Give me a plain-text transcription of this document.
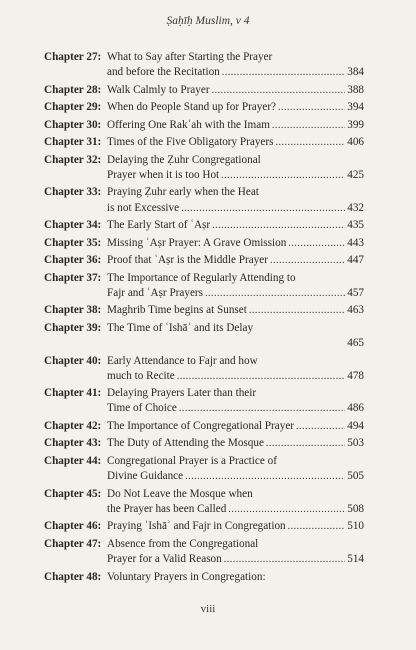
Ṣaḥīḥ Muslim, v 4
Chapter 27: What to Say after Starting the Prayer
and before the Recitation .....	384
Chapter 28: Walk Calmly to Prayer .....	388
Chapter 29: When do People Stand up for Prayer? .....	394
Chapter 30: Offering One Rakʿah with the Imam .....	399
Chapter 31: Times of the Five Obligatory Prayers .....	406
Chapter 32: Delaying the Ẓuhr Congregational
Prayer when it is too Hot .....	425
Chapter 33: Praying Ẓuhr early when the Heat
is not Excessive .....	432
Chapter 34: The Early Start of ʿAṣr .....	435
Chapter 35: Missing ʿAṣr Prayer: A Grave Omission .....	443
Chapter 36: Proof that ʿAṣr is the Middle Prayer .....	447
Chapter 37: The Importance of Regularly Attending to
Fajr and ʿAṣr Prayers .....	457
Chapter 38: Maghrib Time begins at Sunset .....	463
Chapter 39: The Time of ʿIshāʾ and its Delay
465
Chapter 40: Early Attendance to Fajr and how
much to Recite .....	478
Chapter 41: Delaying Prayers Later than their
Time of Choice .....	486
Chapter 42: The Importance of Congregational Prayer .....	494
Chapter 43: The Duty of Attending the Mosque .....	503
Chapter 44: Congregational Prayer is a Practice of
Divine Guidance .....	505
Chapter 45: Do Not Leave the Mosque when
the Prayer has been Called .....	508
Chapter 46: Praying ʿIshāʾ and Fajr in Congregation .....	510
Chapter 47: Absence from the Congregational
Prayer for a Valid Reason .....	514
Chapter 48: Voluntary Prayers in Congregation:
viii
